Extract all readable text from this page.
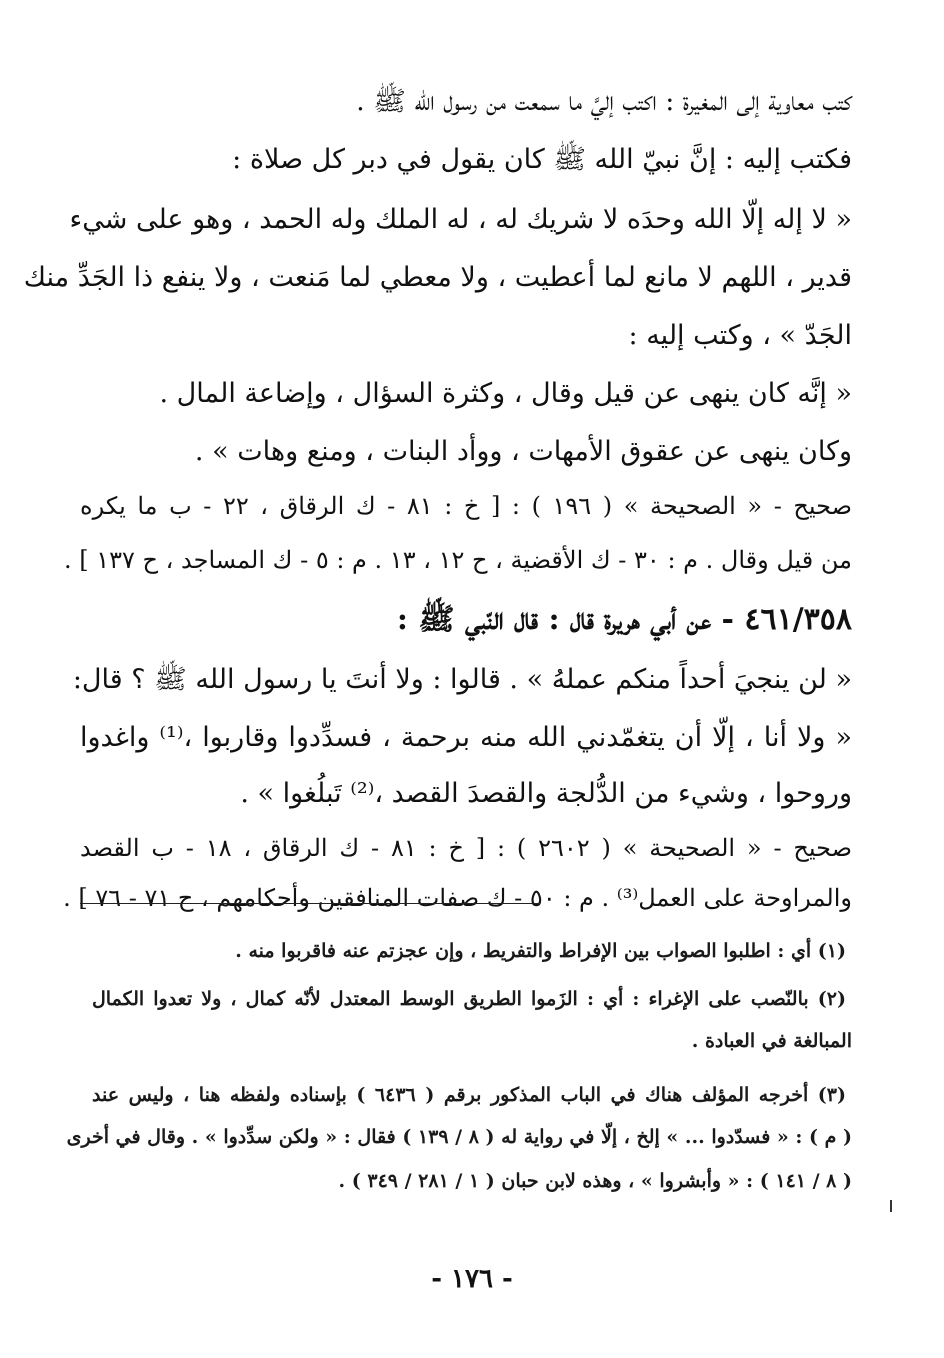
كتب معاوية إلى المغيرة : اكتب إليَّ ما سمعت من رسول الله ﷺ .
فكتب إليه : إنَّ نبيّ الله ﷺ كان يقول في دبر كل صلاة :
« لا إله إلّا الله وحدَه لا شريك له ، له الملك وله الحمد ، وهو على شيء
قدير ، اللهم لا مانع لما أعطيت ، ولا معطي لما مَنعت ، ولا ينفع ذا الجَدِّ منك
الجَدّ » ، وكتب إليه :
« إنَّه كان ينهى عن قيل وقال ، وكثرة السؤال ، وإضاعة المال .
وكان ينهى عن عقوق الأمهات ، ووأد البنات ، ومنع وهات » .
صحيح - « الصحيحة » ( ١٩٦ ) : [ خ : ٨١ - ك الرقاق ، ٢٢ - ب ما يكره
من قيل وقال . م : ٣٠ - ك الأقضية ، ح ١٢ ، ١٣ . م : ٥ - ك المساجد ، ح ١٣٧ ] .
٤٦١/٣٥٨ - عن أبي هريرة قال : قال النّبي ﷺ :
« لن ينجيَ أحداً منكم عملهُ » . قالوا : ولا أنتَ يا رسول الله ﷺ ؟ قال:
« ولا أنا ، إلّا أن يتغمّدني الله منه برحمة ، فسدِّدوا وقاربوا ،⁽¹⁾ واغدوا
وروحوا ، وشيء من الدُّلجة والقصدَ القصد ،⁽²⁾ تَبلُغوا » .
صحيح - « الصحيحة » ( ٢٦٠٢ ) : [ خ : ٨١ - ك الرقاق ، ١٨ - ب القصد
والمراوحة على العمل⁽³⁾ . م : ٥٠ - ك صفات المنافقين وأحكامهم ، ح ٧١ - ٧٦ ] .
(١) أي : اطلبوا الصواب بين الإفراط والتفريط ، وإن عجزتم عنه فاقربوا منه .
(٢) بالنّصب على الإغراء : أي : الزَموا الطريق الوسط المعتدل لأنّه كمال ، ولا تعدوا الكمال
المبالغة في العبادة .
(٣) أخرجه المؤلف هناك في الباب المذكور برقم ( ٦٤٣٦ ) بإسناده ولفظه هنا ، وليس عند
( م ) : « فسدّدوا ... » إلخ ، إلّا في رواية له ( ٨ / ١٣٩ ) فقال : « ولكن سدِّدوا » . وقال في أخرى
( ٨ / ١٤١ ) : « وأبشروا » ، وهذه لابن حبان ( ١ / ٢٨١ / ٣٤٩ ) .
- ١٧٦ -
